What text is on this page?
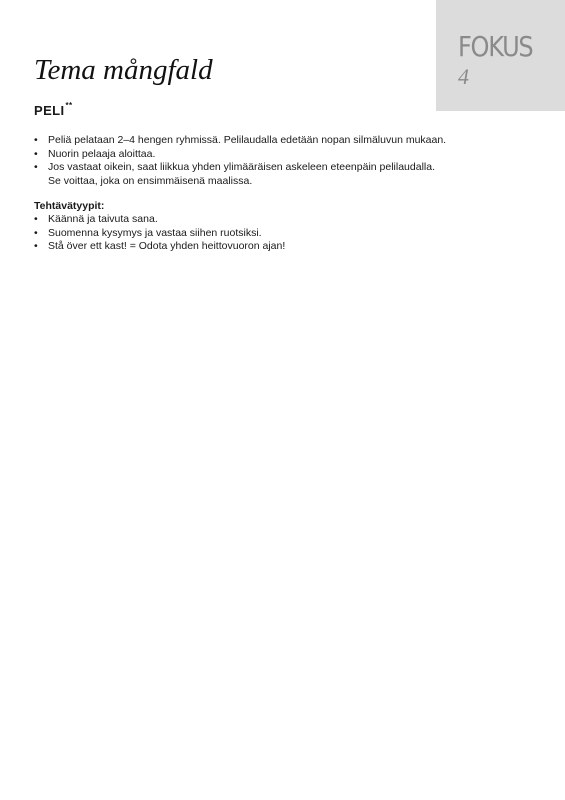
FOKUS
4
Tema mångfald
PELI**
• Peliä pelataan 2–4 hengen ryhmissä. Pelilaudalla edetään nopan silmäluvun mukaan.
• Nuorin pelaaja aloittaa.
• Jos vastaat oikein, saat liikkua yhden ylimääräisen askeleen eteenpäin pelilaudalla.
Se voittaa, joka on ensimmäisenä maalissa.
Tehtävätyypit:
• Käännä ja taivuta sana.
• Suomenna kysymys ja vastaa siihen ruotsiksi.
• Stå över ett kast! = Odota yhden heittovuoron ajan!
